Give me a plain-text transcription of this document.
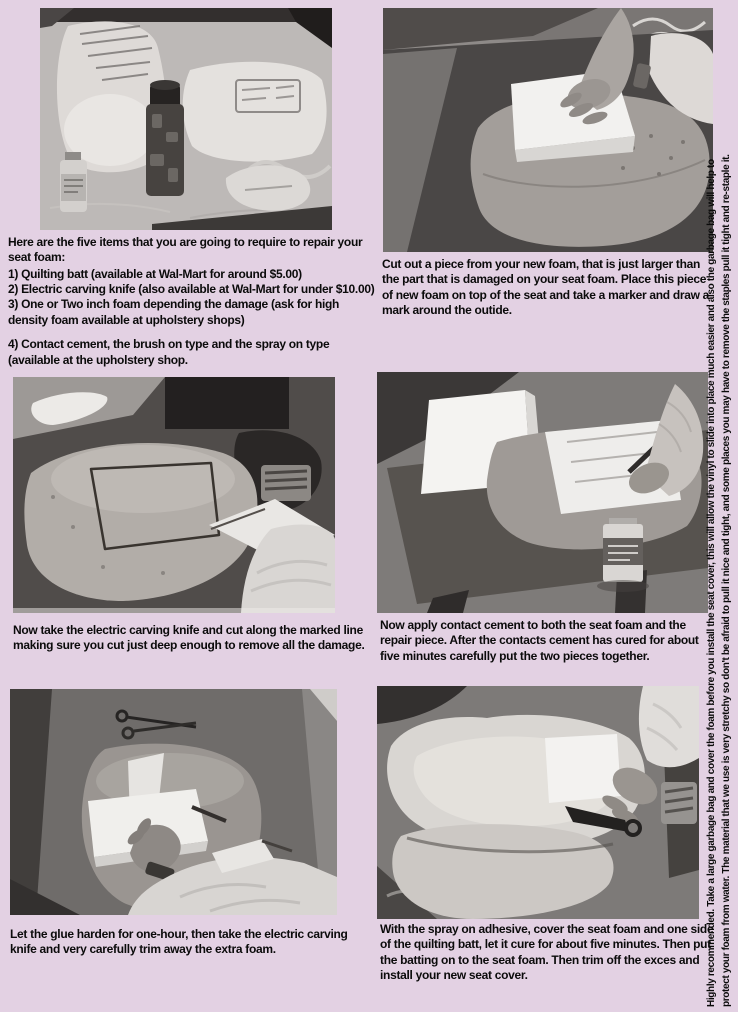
Here are the five items that you are going to require to repair your seat foam:

1) Quilting batt (available at Wal-Mart for around $5.00)

2) Electric carving knife (also available at Wal-Mart for under $10.00)

3) One or Two inch foam depending the damage (ask for high density foam available at upholstery shops)

4) Contact cement, the brush on type and the spray on type (available at the upholstery shop.

Cut out a piece from your new foam, that is just larger than the part that is damaged on your seat foam. Place this piece of new foam on top of the seat and take a marker and draw a mark around the outide.
Now take the electric carving knife and cut along the marked line making sure you cut just deep enough to remove all the damage.
Now apply contact cement to both the seat foam and the repair piece. After the contacts cement has cured for about five minutes carefully put the two pieces together.
Let the glue harden for one-hour, then take the electric carving knife and very carefully trim away the extra foam.
With the spray on adhesive, cover the seat foam and one side of the quilting batt, let it cure for about five minutes. Then put the batting on to the seat foam. Then trim off the exces and install your new seat cover.	Highly recommended. Take a large garbage bag and cover the foam before you install the seat cover, this will allow the vinyl to slide into place much easier and also the garbage bag will help to protect your foam from water. The material that we use is very stretchy so don't be afraid to pull it nice and tight, and some places you may have to remove the staples pull it tight and re-staple it.
